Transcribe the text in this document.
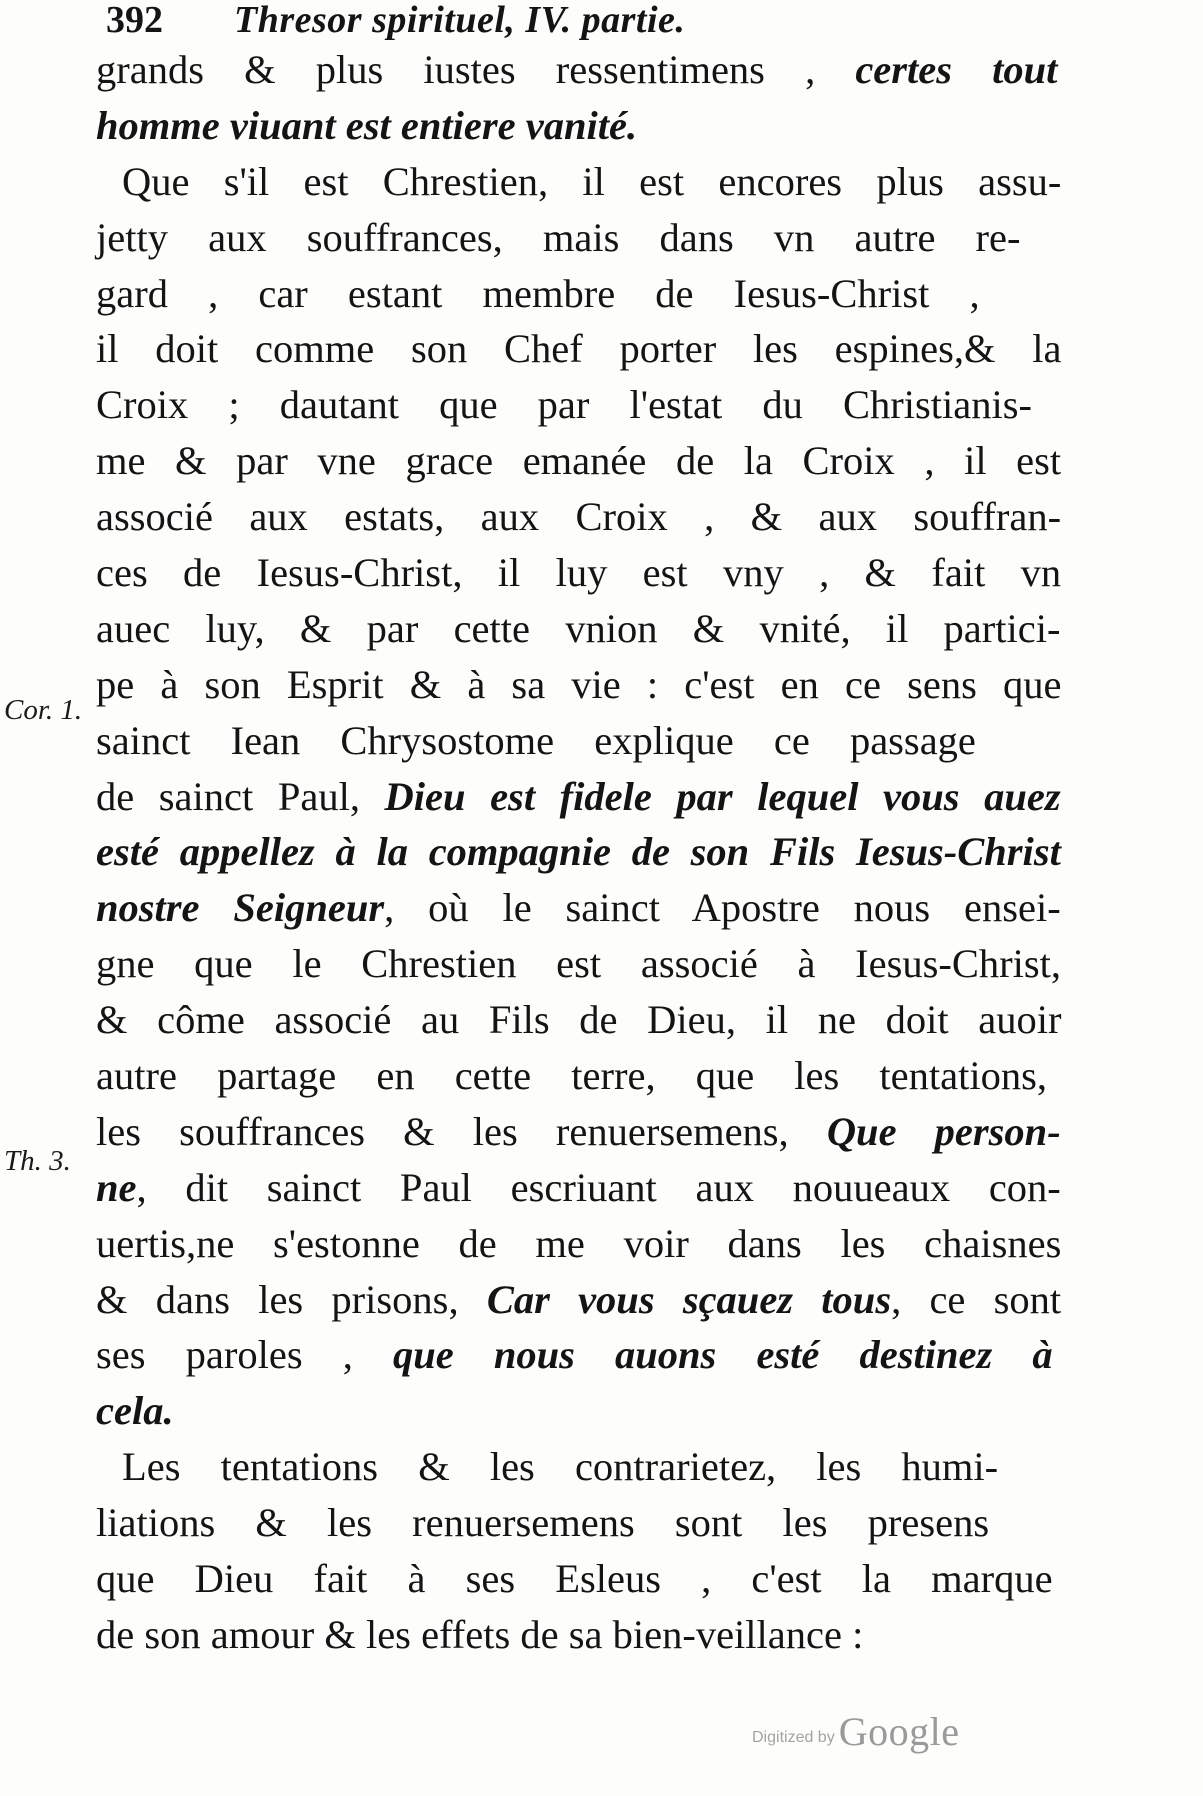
392 Thresor spirituel, IV. partie.
grands & plus iustes ressentimens , certes tout
homme viuant est entiere vanité.
Que s'il est Chrestien, il est encores plus assu-
jetty aux souffrances, mais dans vn autre re-
gard , car estant membre de Iesus-Christ ,
il doit comme son Chef porter les espines,& la
Croix ; dautant que par l'estat du Christianis-
me & par vne grace emanée de la Croix , il est
associé aux estats, aux Croix , & aux souffran-
ces de Iesus-Christ, il luy est vny , & fait vn
auec luy, & par cette vnion & vnité, il partici-
pe à son Esprit & à sa vie : c'est en ce sens que
sainct Iean Chrysostome explique ce passage
de sainct Paul, Dieu est fidele par lequel vous auez
esté appellez à la compagnie de son Fils Iesus-Christ
nostre Seigneur, où le sainct Apostre nous ensei-
gne que le Chrestien est associé à Iesus-Christ,
& côme associé au Fils de Dieu, il ne doit auoir
autre partage en cette terre, que les tentations,
les souffrances & les renuersemens, Que person-
ne, dit sainct Paul escriuant aux nouueaux con-
uertis,ne s'estonne de me voir dans les chaisnes
& dans les prisons, Car vous sçauez tous, ce sont
ses paroles , que nous auons esté destinez à
cela.
Les tentations & les contrarietez, les humi-
liations & les renuersemens sont les presens
que Dieu fait à ses Esleus , c'est la marque
de son amour & les effets de sa bien-veillance :
Cor. 1.
Th. 3.
Digitized by Google
